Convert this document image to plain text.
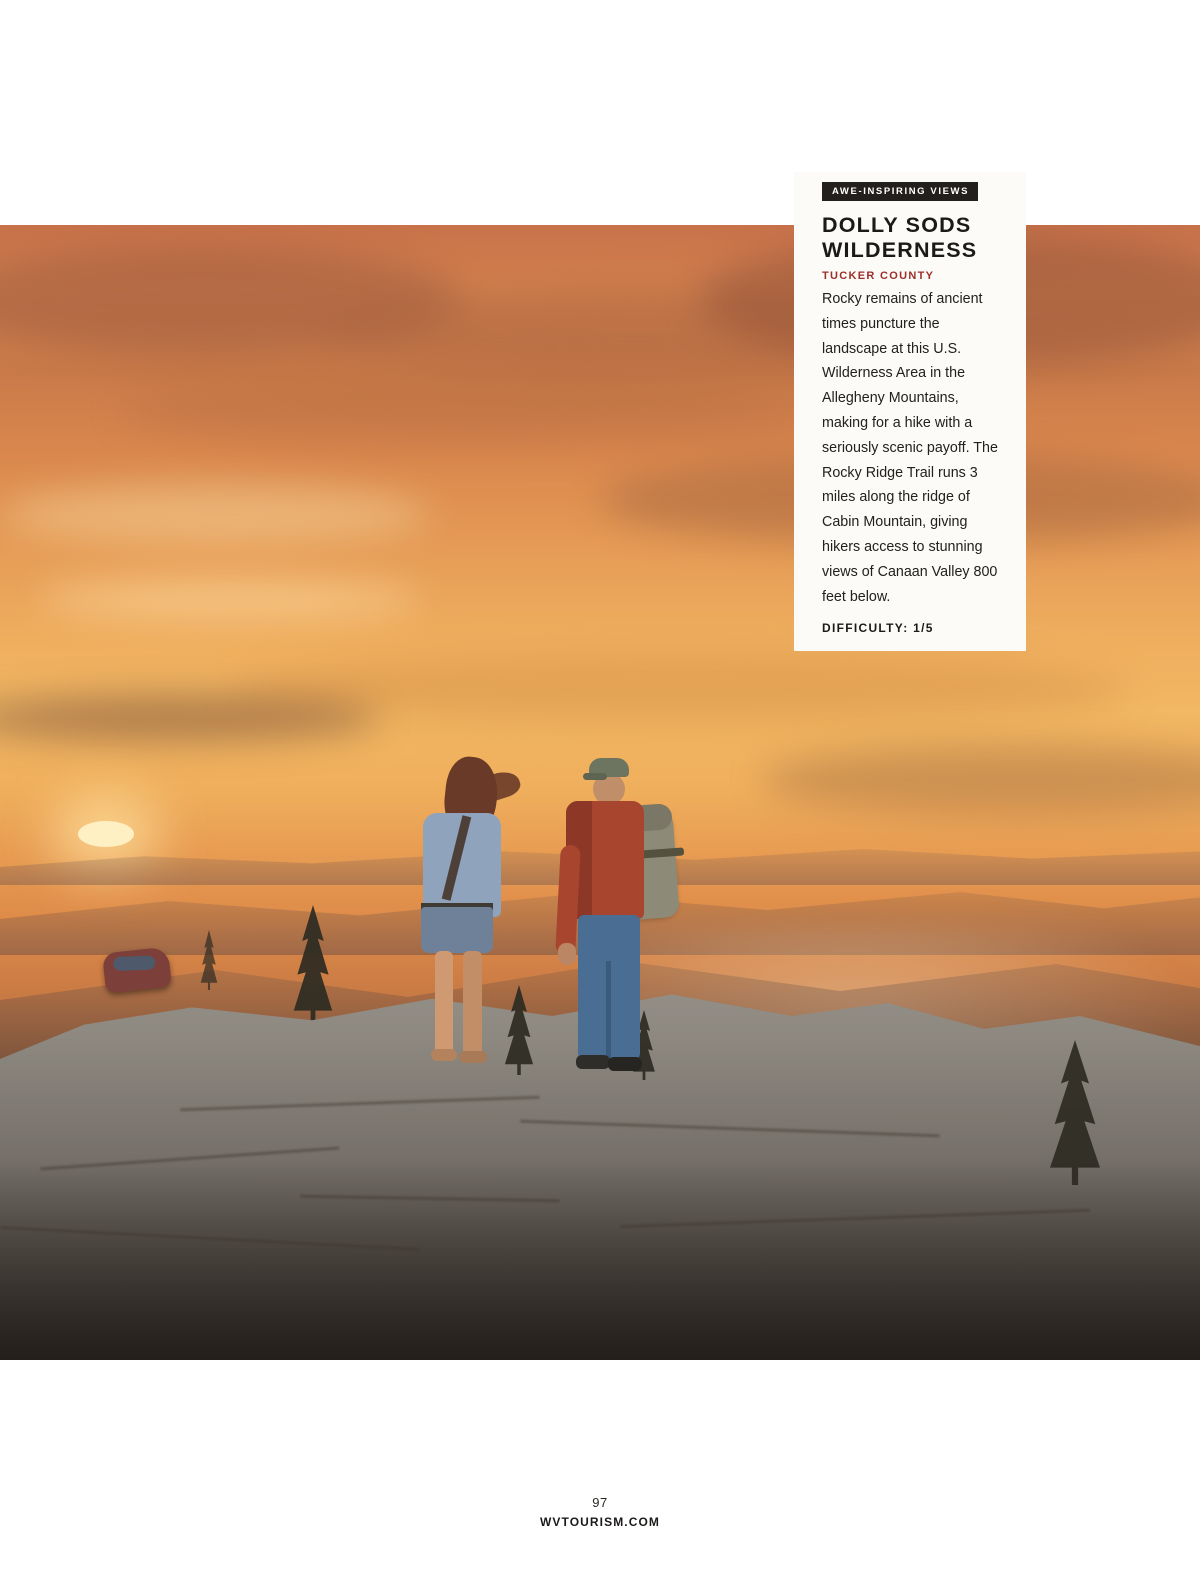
AWE-INSPIRING VIEWS
DOLLY SODS WILDERNESS
TUCKER COUNTY

Rocky remains of ancient times puncture the landscape at this U.S. Wilderness Area in the Allegheny Mountains, making for a hike with a seriously scenic payoff. The Rocky Ridge Trail runs 3 miles along the ridge of Cabin Mountain, giving hikers access to stunning views of Canaan Valley 800 feet below.

DIFFICULTY: 1/5
97
WVTOURISM.COM
